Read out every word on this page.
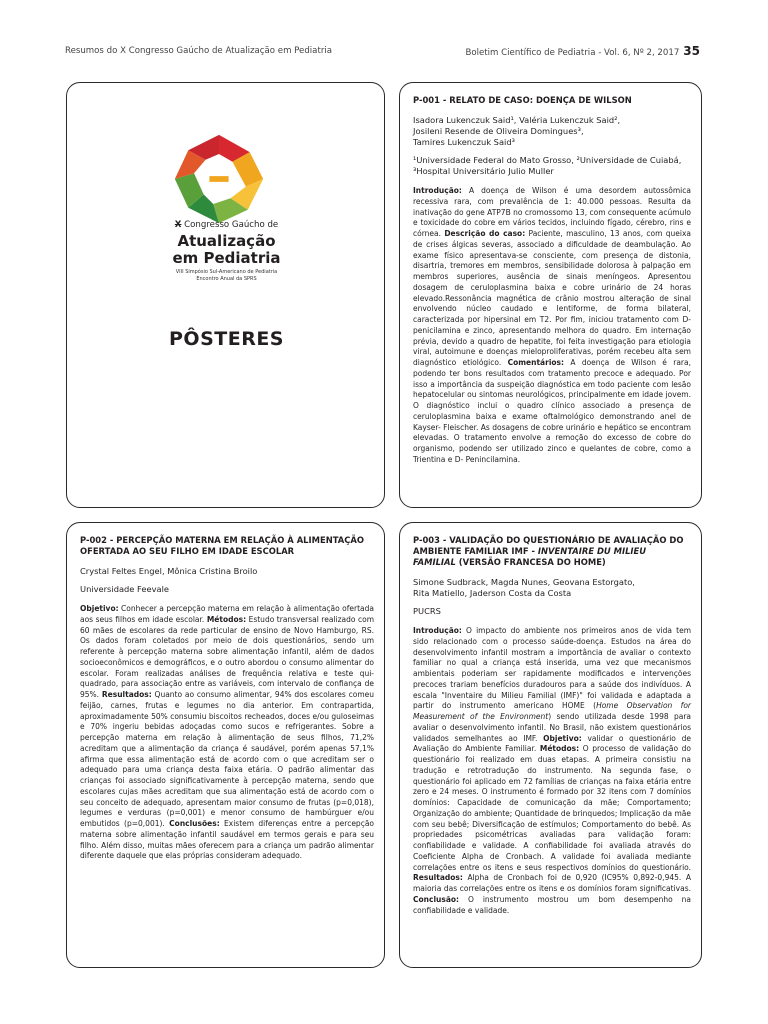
Resumos do X Congresso Gaúcho de Atualização em Pediatria	Boletim Científico de Pediatria - Vol. 6, Nº 2, 2017 35
X Congresso Gaúcho de
Atualização
em Pediatria
VIII Simpósio Sul-Americano de Pediatria
Encontro Anual da SPRS
PÔSTERES
P-001 - RELATO DE CASO: DOENÇA DE WILSON
Isadora Lukenczuk Said¹, Valéria Lukenczuk Said²,
Josileni Resende de Oliveira Domingues³,
Tamires Lukenczuk Said³
¹Universidade Federal do Mato Grosso, ²Universidade de Cuiabá, ³Hospital Universitário Julio Muller
Introdução: A doença de Wilson é uma desordem autossômica recessiva rara, com prevalência de 1: 40.000 pessoas. Resulta da inativação do gene ATP7B no cromossomo 13, com consequente acúmulo e toxicidade do cobre em vários tecidos, incluindo fígado, cérebro, rins e córnea. Descrição do caso: Paciente, masculino, 13 anos, com queixa de crises álgicas severas, associado a dificuldade de deambulação. Ao exame físico apresentava-se consciente, com presença de distonia, disartria, tremores em membros, sensibilidade dolorosa à palpação em membros superiores, ausência de sinais meníngeos. Apresentou dosagem de ceruloplasmina baixa e cobre urinário de 24 horas elevado.Ressonância magnética de crânio mostrou alteração de sinal envolvendo núcleo caudado e lentiforme, de forma bilateral, caracterizada por hipersinal em T2. Por fim, iniciou tratamento com D-penicilamina e zinco, apresentando melhora do quadro. Em internação prévia, devido a quadro de hepatite, foi feita investigação para etiologia viral, autoimune e doenças mieloproliferativas, porém recebeu alta sem diagnóstico etiológico. Comentários: A doença de Wilson é rara, podendo ter bons resultados com tratamento precoce e adequado. Por isso a importância da suspeição diagnóstica em todo paciente com lesão hepatocelular ou sintomas neurológicos, principalmente em idade jovem. O diagnóstico inclui o quadro clínico associado a presença de ceruloplasmina baixa e exame oftalmológico demonstrando anel de Kayser- Fleischer. As dosagens de cobre urinário e hepático se encontram elevadas. O tratamento envolve a remoção do excesso de cobre do organismo, podendo ser utilizado zinco e quelantes de cobre, como a Trientina e D- Penincilamina.
P-002 - PERCEPÇÃO MATERNA EM RELAÇÃO À ALIMENTAÇÃO OFERTADA AO SEU FILHO EM IDADE ESCOLAR
Crystal Feltes Engel, Mônica Cristina Broilo
Universidade Feevale
Objetivo: Conhecer a percepção materna em relação à alimentação ofertada aos seus filhos em idade escolar. Métodos: Estudo transversal realizado com 60 mães de escolares da rede particular de ensino de Novo Hamburgo, RS. Os dados foram coletados por meio de dois questionários, sendo um referente à percepção materna sobre alimentação infantil, além de dados socioeconômicos e demográficos, e o outro abordou o consumo alimentar do escolar. Foram realizadas análises de frequência relativa e teste qui-quadrado, para associação entre as variáveis, com intervalo de confiança de 95%. Resultados: Quanto ao consumo alimentar, 94% dos escolares comeu feijão, carnes, frutas e legumes no dia anterior. Em contrapartida, aproximadamente 50% consumiu biscoitos recheados, doces e/ou guloseimas e 70% ingeriu bebidas adoçadas como sucos e refrigerantes. Sobre a percepção materna em relação à alimentação de seus filhos, 71,2% acreditam que a alimentação da criança é saudável, porém apenas 57,1% afirma que essa alimentação está de acordo com o que acreditam ser o adequado para uma criança desta faixa etária. O padrão alimentar das crianças foi associado significativamente à percepção materna, sendo que escolares cujas mães acreditam que sua alimentação está de acordo com o seu conceito de adequado, apresentam maior consumo de frutas (p=0,018), legumes e verduras (p=0,001) e menor consumo de hambúrguer e/ou embutidos (p=0,001). Conclusões: Existem diferenças entre a percepção materna sobre alimentação infantil saudável em termos gerais e para seu filho. Além disso, muitas mães oferecem para a criança um padrão alimentar diferente daquele que elas próprias consideram adequado.
P-003 - VALIDAÇÃO DO QUESTIONÁRIO DE AVALIAÇÃO DO AMBIENTE FAMILIAR IMF - INVENTAIRE DU MILIEU FAMILIAL (VERSÃO FRANCESA DO HOME)
Simone Sudbrack, Magda Nunes, Geovana Estorgato,
Rita Matiello, Jaderson Costa da Costa
PUCRS
Introdução: O impacto do ambiente nos primeiros anos de vida tem sido relacionado com o processo saúde-doença. Estudos na área do desenvolvimento infantil mostram a importância de avaliar o contexto familiar no qual a criança está inserida, uma vez que mecanismos ambientais poderiam ser rapidamente modificados e intervenções precoces trariam benefícios duradouros para a saúde dos indivíduos. A escala "Inventaire du Milieu Familial (IMF)" foi validada e adaptada a partir do instrumento americano HOME (Home Observation for Measurement of the Environment) sendo utilizada desde 1998 para avaliar o desenvolvimento infantil. No Brasil, não existem questionários validados semelhantes ao IMF. Objetivo: validar o questionário de Avaliação do Ambiente Familiar. Métodos: O processo de validação do questionário foi realizado em duas etapas. A primeira consistiu na tradução e retrotradução do instrumento. Na segunda fase, o questionário foi aplicado em 72 famílias de crianças na faixa etária entre zero e 24 meses. O instrumento é formado por 32 itens com 7 domínios domínios: Capacidade de comunicação da mãe; Comportamento; Organização do ambiente; Quantidade de brinquedos; Implicação da mãe com seu bebê; Diversificação de estímulos; Comportamento do bebê. As propriedades psicométricas avaliadas para validação foram: confiabilidade e validade. A confiabilidade foi avaliada através do Coeficiente Alpha de Cronbach. A validade foi avaliada mediante correlações entre os itens e seus respectivos domínios do questionário. Resultados: Alpha de Cronbach foi de 0,920 (IC95% 0,892-0,945. A maioria das correlações entre os itens e os domínios foram significativas. Conclusão: O instrumento mostrou um bom desempenho na confiabilidade e validade.
